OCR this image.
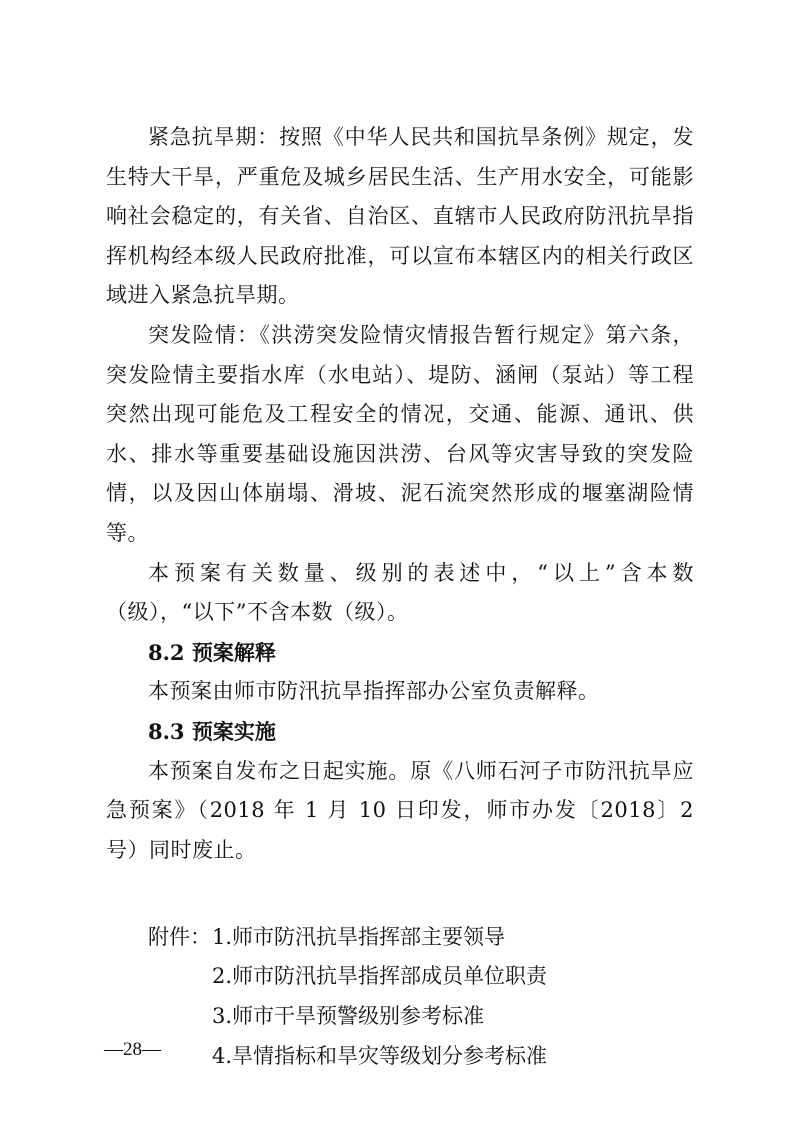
紧急抗旱期：按照《中华人民共和国抗旱条例》规定，发生特大干旱，严重危及城乡居民生活、生产用水安全，可能影响社会稳定的，有关省、自治区、直辖市人民政府防汛抗旱指挥机构经本级人民政府批准，可以宣布本辖区内的相关行政区域进入紧急抗旱期。

突发险情：《洪涝突发险情灾情报告暂行规定》第六条，突发险情主要指水库（水电站）、堤防、涵闸（泵站）等工程突然出现可能危及工程安全的情况，交通、能源、通讯、供水、排水等重要基础设施因洪涝、台风等灾害导致的突发险情，以及因山体崩塌、滑坡、泥石流突然形成的堰塞湖险情等。

本预案有关数量、级别的表述中，“以上”含本数（级），“以下”不含本数（级）。

8.2 预案解释

本预案由师市防汛抗旱指挥部办公室负责解释。

8.3 预案实施

本预案自发布之日起实施。原《八师石河子市防汛抗旱应急预案》（2018 年 1 月 10 日印发，师市办发〔2018〕2 号）同时废止。

附件： 1.师市防汛抗旱指挥部主要领导
2.师市防汛抗旱指挥部成员单位职责
3.师市干旱预警级别参考标准
4.旱情指标和旱灾等级划分参考标准
—28—
